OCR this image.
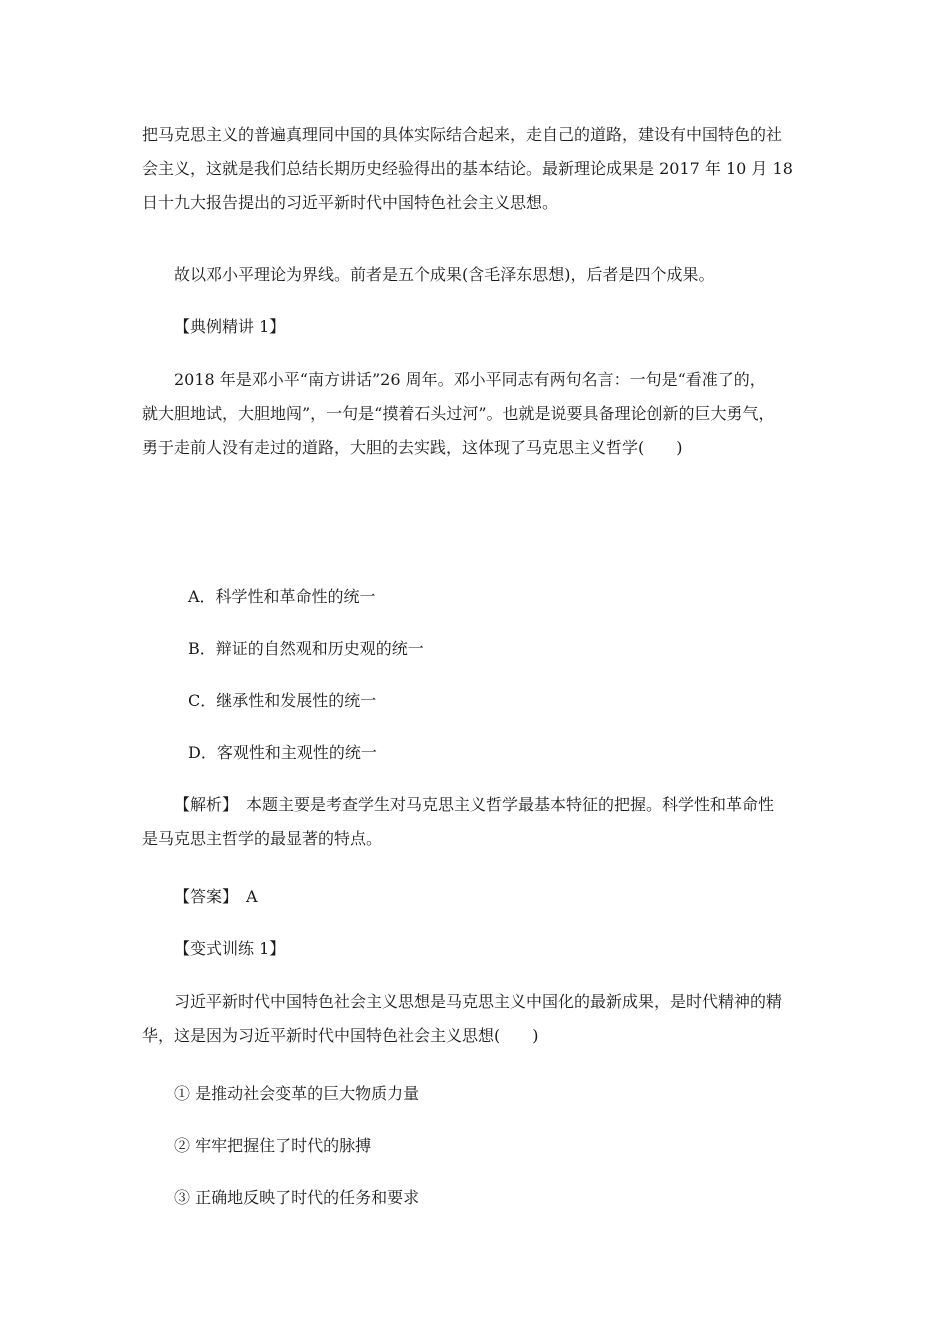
把马克思主义的普遍真理同中国的具体实际结合起来，走自己的道路，建设有中国特色的社
会主义，这就是我们总结长期历史经验得出的基本结论。最新理论成果是 2017 年 10 月 18
日十九大报告提出的习近平新时代中国特色社会主义思想。
故以邓小平理论为界线。前者是五个成果(含毛泽东思想)，后者是四个成果。
【典例精讲 1】
2018 年是邓小平“南方讲话”26 周年。邓小平同志有两句名言：一句是“看准了的，
就大胆地试，大胆地闯”，一句是“摸着石头过河”。也就是说要具备理论创新的巨大勇气，
勇于走前人没有走过的道路，大胆的去实践，这体现了马克思主义哲学(　　)
A．科学性和革命性的统一
B．辩证的自然观和历史观的统一
C．继承性和发展性的统一
D．客观性和主观性的统一
【解析】　本题主要是考查学生对马克思主义哲学最基本特征的把握。科学性和革命性
是马克思主哲学的最显著的特点。
【答案】　A
【变式训练 1】
习近平新时代中国特色社会主义思想是马克思主义中国化的最新成果，是时代精神的精
华，这是因为习近平新时代中国特色社会主义思想(　　)
① 是推动社会变革的巨大物质力量
② 牢牢把握住了时代的脉搏
③ 正确地反映了时代的任务和要求
